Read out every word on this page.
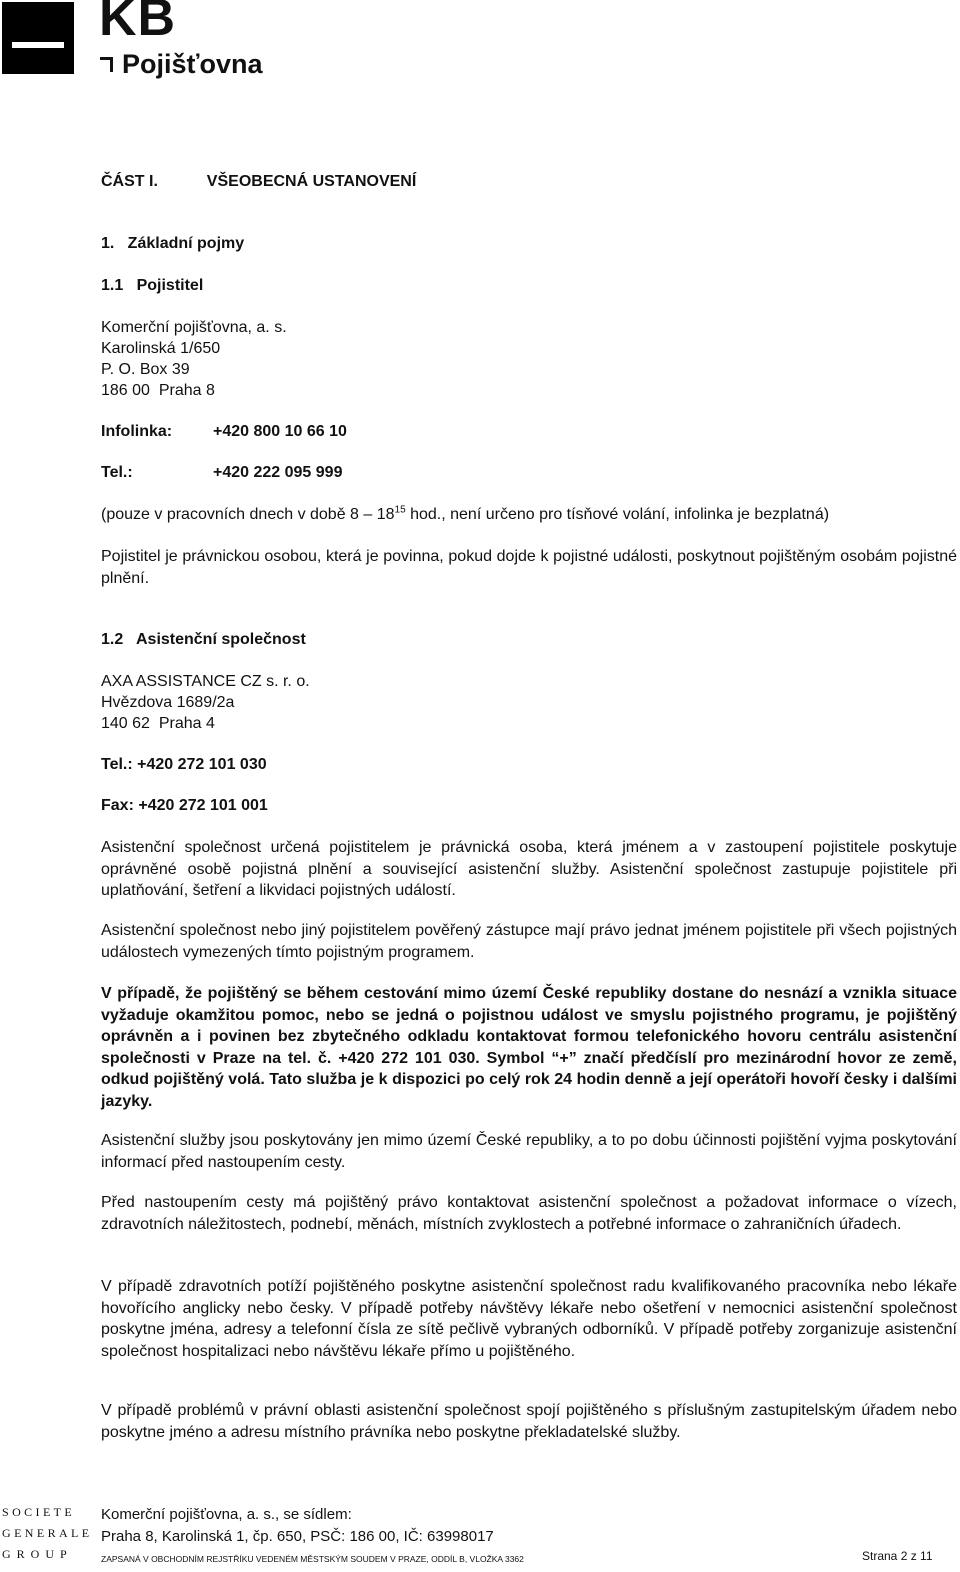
KB
Pojišťovna
ČÁST I.	VŠEOBECNÁ USTANOVENÍ
1.   Základní pojmy
1.1   Pojistitel
Komerční pojišťovna, a. s.
Karolinská 1/650
P. O. Box 39
186 00  Praha 8
Infolinka:	+420 800 10 66 10
Tel.:	+420 222 095 999
(pouze v pracovních dnech v době $8 - 18^{15}$ hod., není určeno pro tísňové volání, infolinka je bezplatná)

Pojistitel je právnickou osobou, která je povinna, pokud dojde k pojistné události, poskytnout pojištěným osobám pojistné plnění.

1.2   Asistenční společnost
AXA ASSISTANCE CZ s. r. o.
Hvězdova 1689/2a
140 62  Praha 4
Tel.: +420 272 101 030
Fax: +420 272 101 001

Asistenční společnost určená pojistitelem je právnická osoba, která jménem a v zastoupení pojistitele poskytuje oprávněné osobě pojistná plnění a související asistenční služby. Asistenční společnost zastupuje pojistitele při uplatňování, šetření a likvidaci pojistných událostí.

Asistenční společnost nebo jiný pojistitelem pověřený zástupce mají právo jednat jménem pojistitele při všech pojistných událostech vymezených tímto pojistným programem.

V případě, že pojištěný se během cestování mimo území České republiky dostane do nesnází a vznikla situace vyžaduje okamžitou pomoc, nebo se jedná o pojistnou událost ve smyslu pojistného programu, je pojištěný oprávněn a i povinen bez zbytečného odkladu kontaktovat formou telefonického hovoru centrálu asistenční společnosti v Praze na tel. č. +420 272 101 030. Symbol “+” značí předčíslí pro mezinárodní hovor ze země, odkud pojištěný volá. Tato služba je k dispozici po celý rok 24 hodin denně a její operátoři hovoří česky i dalšími jazyky.

Asistenční služby jsou poskytovány jen mimo území České republiky, a to po dobu účinnosti pojištění vyjma poskytování informací před nastoupením cesty.

Před nastoupením cesty má pojištěný právo kontaktovat asistenční společnost a požadovat informace o vízech, zdravotních náležitostech, podnebí, měnách, místních zvyklostech a potřebné informace o zahraničních úřadech.

V případě zdravotních potíží pojištěného poskytne asistenční společnost radu kvalifikovaného pracovníka nebo lékaře hovořícího anglicky nebo česky. V případě potřeby návštěvy lékaře nebo ošetření v nemocnici asistenční společnost poskytne jména, adresy a telefonní čísla ze sítě pečlivě vybraných odborníků. V případě potřeby zorganizuje asistenční společnost hospitalizaci nebo návštěvu lékaře přímo u pojištěného.

V případě problémů v právní oblasti asistenční společnost spojí pojištěného s příslušným zastupitelským úřadem nebo poskytne jméno a adresu místního právníka nebo poskytne překladatelské služby.

SOCIETE
GENERALE
GROUP
Komerční pojišťovna, a. s., se sídlem:
Praha 8, Karolinská 1, čp. 650, PSČ: 186 00, IČ: 63998017
ZAPSANÁ V OBCHODNÍM REJSTŘÍKU VEDENÉM MĚSTSKÝM SOUDEM V PRAZE, ODDÍL B, VLOŽKA 3362	Strana 2 z 11
